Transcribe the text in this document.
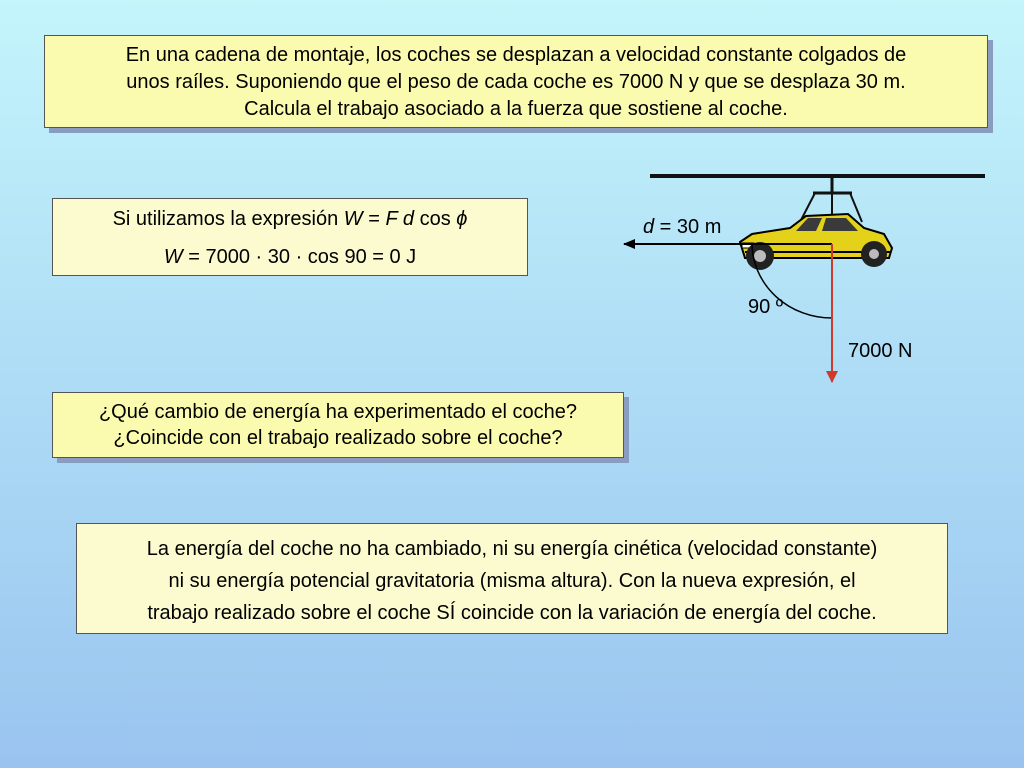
En una cadena de montaje, los coches se desplazan a velocidad constante colgados de

unos raíles. Suponiendo que el peso de cada coche es 7000 N y que se desplaza 30 m.

Calcula el trabajo asociado a la fuerza que sostiene al coche.

Si utilizamos la expresión W = F d cos ϕ

W = 7000 · 30 · cos 90 = 0 J

¿Qué cambio de energía ha experimentado el coche?

¿Coincide con el trabajo realizado sobre el coche?

La energía del coche no ha cambiado, ni su energía cinética (velocidad constante)

ni su energía potencial gravitatoria (misma altura). Con la nueva expresión, el

trabajo realizado sobre el coche SÍ coincide con la variación de energía del coche.

d = 30 m
90 º
7000 N
